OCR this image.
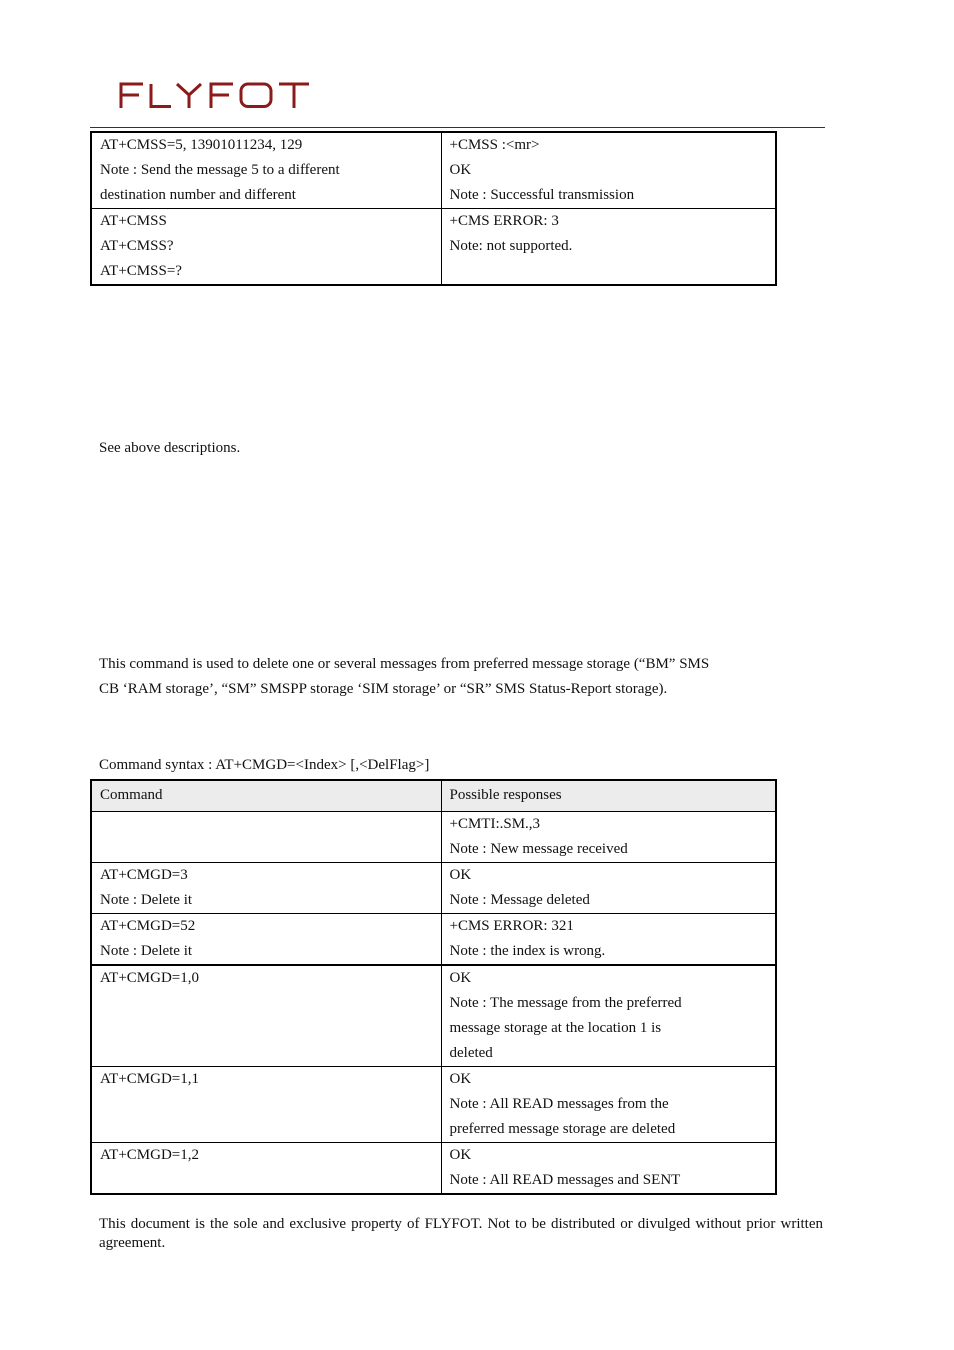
AT+CMSS=5, 13901011234, 129
Note : Send the message 5 to a different
destination number and different	+CMSS :<mr>
OK
Note : Successful transmission

AT+CMSS
AT+CMSS?
AT+CMSS=?	+CMS ERROR: 3
Note: not supported.
See above descriptions.
This command is used to delete one or several messages from preferred message storage (“BM” SMS
CB ‘RAM storage’, “SM” SMSPP storage ‘SIM storage’ or “SR” SMS Status-Report storage).
Command syntax : AT+CMGD=<Index> [,<DelFlag>]
Command	Possible responses

	+CMTI:.SM.,3
Note : New message received

AT+CMGD=3
Note : Delete it	OK
Note : Message deleted

AT+CMGD=52
Note : Delete it	+CMS ERROR: 321
Note : the index is wrong.

AT+CMGD=1,0	OK
Note : The message from the preferred
message storage at the location 1 is
deleted

AT+CMGD=1,1	OK
Note : All READ messages from the
preferred message storage are deleted

AT+CMGD=1,2	OK
Note : All READ messages and SENT
This document is the sole and exclusive property of FLYFOT. Not to be distributed or divulged without prior written agreement.
